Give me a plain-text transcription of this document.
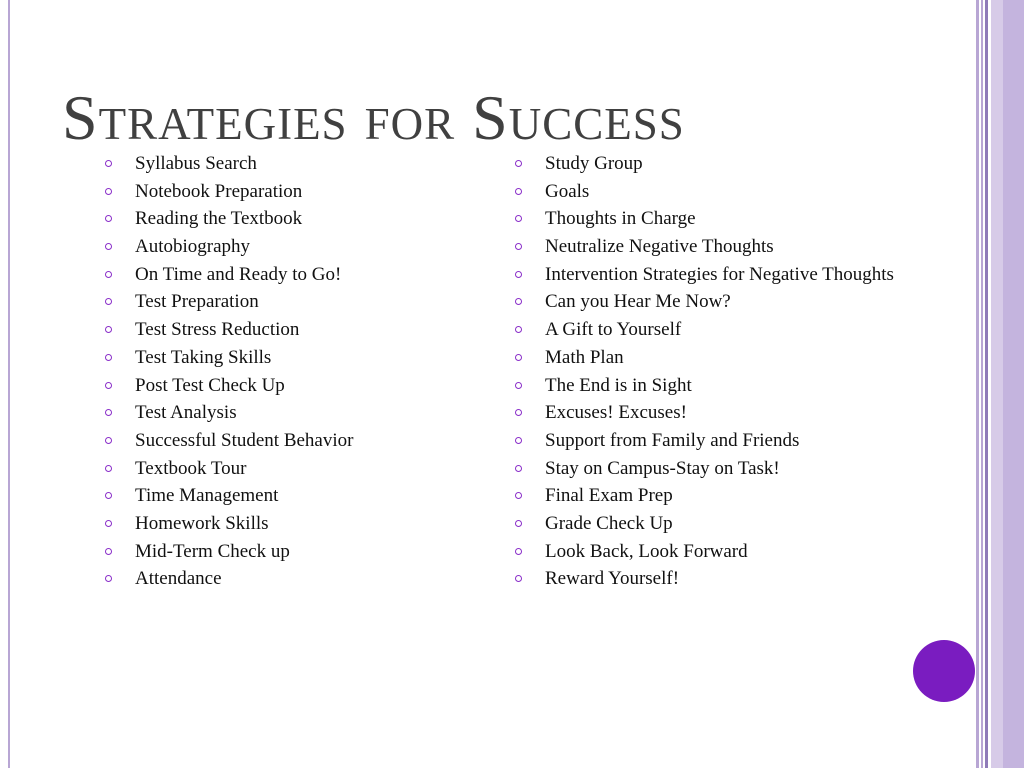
Strategies for Success
Syllabus Search
Notebook Preparation
Reading the Textbook
Autobiography
On Time and Ready to Go!
Test Preparation
Test Stress Reduction
Test Taking Skills
Post Test Check Up
Test Analysis
Successful Student Behavior
Textbook Tour
Time Management
Homework Skills
Mid-Term Check up
Attendance
Study Group
Goals
Thoughts in Charge
Neutralize Negative Thoughts
Intervention Strategies for Negative Thoughts
Can you Hear Me Now?
A Gift to Yourself
Math Plan
The End is in Sight
Excuses! Excuses!
Support from Family and Friends
Stay on Campus-Stay on Task!
Final Exam Prep
Grade Check Up
Look Back, Look Forward
Reward Yourself!
